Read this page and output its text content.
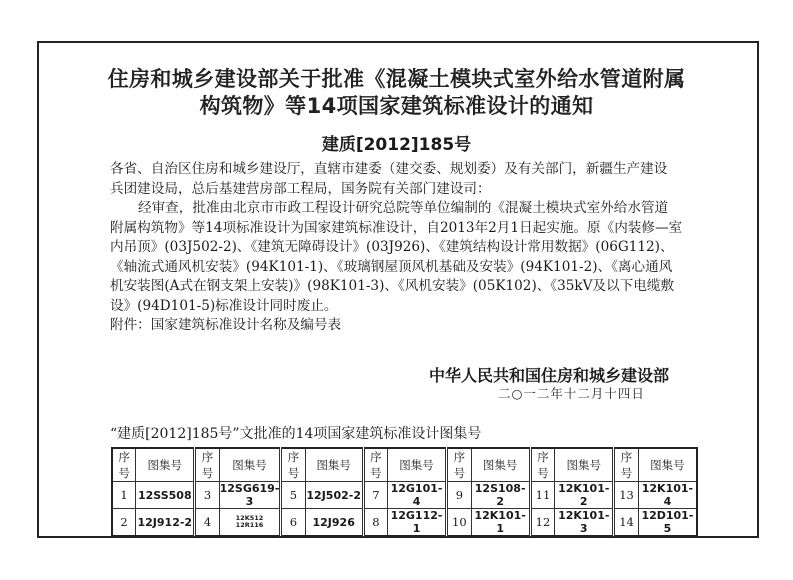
住房和城乡建设部关于批准《混凝土模块式室外给水管道附属
构筑物》等14项国家建筑标准设计的通知
建质[2012]185号
各省、自治区住房和城乡建设厅，直辖市建委（建交委、规划委）及有关部门，新疆生产建设
兵团建设局，总后基建营房部工程局，国务院有关部门建设司：
经审查，批准由北京市市政工程设计研究总院等单位编制的《混凝土模块式室外给水管道
附属构筑物》等14项标准设计为国家建筑标准设计，自2013年2月1日起实施。原《内装修—室
内吊顶》(03J502-2)、《建筑无障碍设计》(03J926)、《建筑结构设计常用数据》(06G112)、
《轴流式通风机安装》(94K101-1)、《玻璃钢屋顶风机基础及安装》(94K101-2)、《离心通风
机安装图(A式在钢支架上安装)》(98K101-3)、《风机安装》(05K102)、《35kV及以下电缆敷
设》(94D101-5)标准设计同时废止。
附件：国家建筑标准设计名称及编号表
中华人民共和国住房和城乡建设部
二○一二年十二月十四日
“建质[2012]185号”文批准的14项国家建筑标准设计图集号
序号	图集号	序号	图集号	序号	图集号	序号	图集号	序号	图集号	序号	图集号	序号	图集号
1	12SS508	3	12SG619-3	5	12J502-2	7	12G101-4	9	12S108-2	11	12K101-2	13	12K101-4
2	12J912-2	4	12K512 12R116	6	12J926	8	12G112-1	10	12K101-1	12	12K101-3	14	12D101-5
